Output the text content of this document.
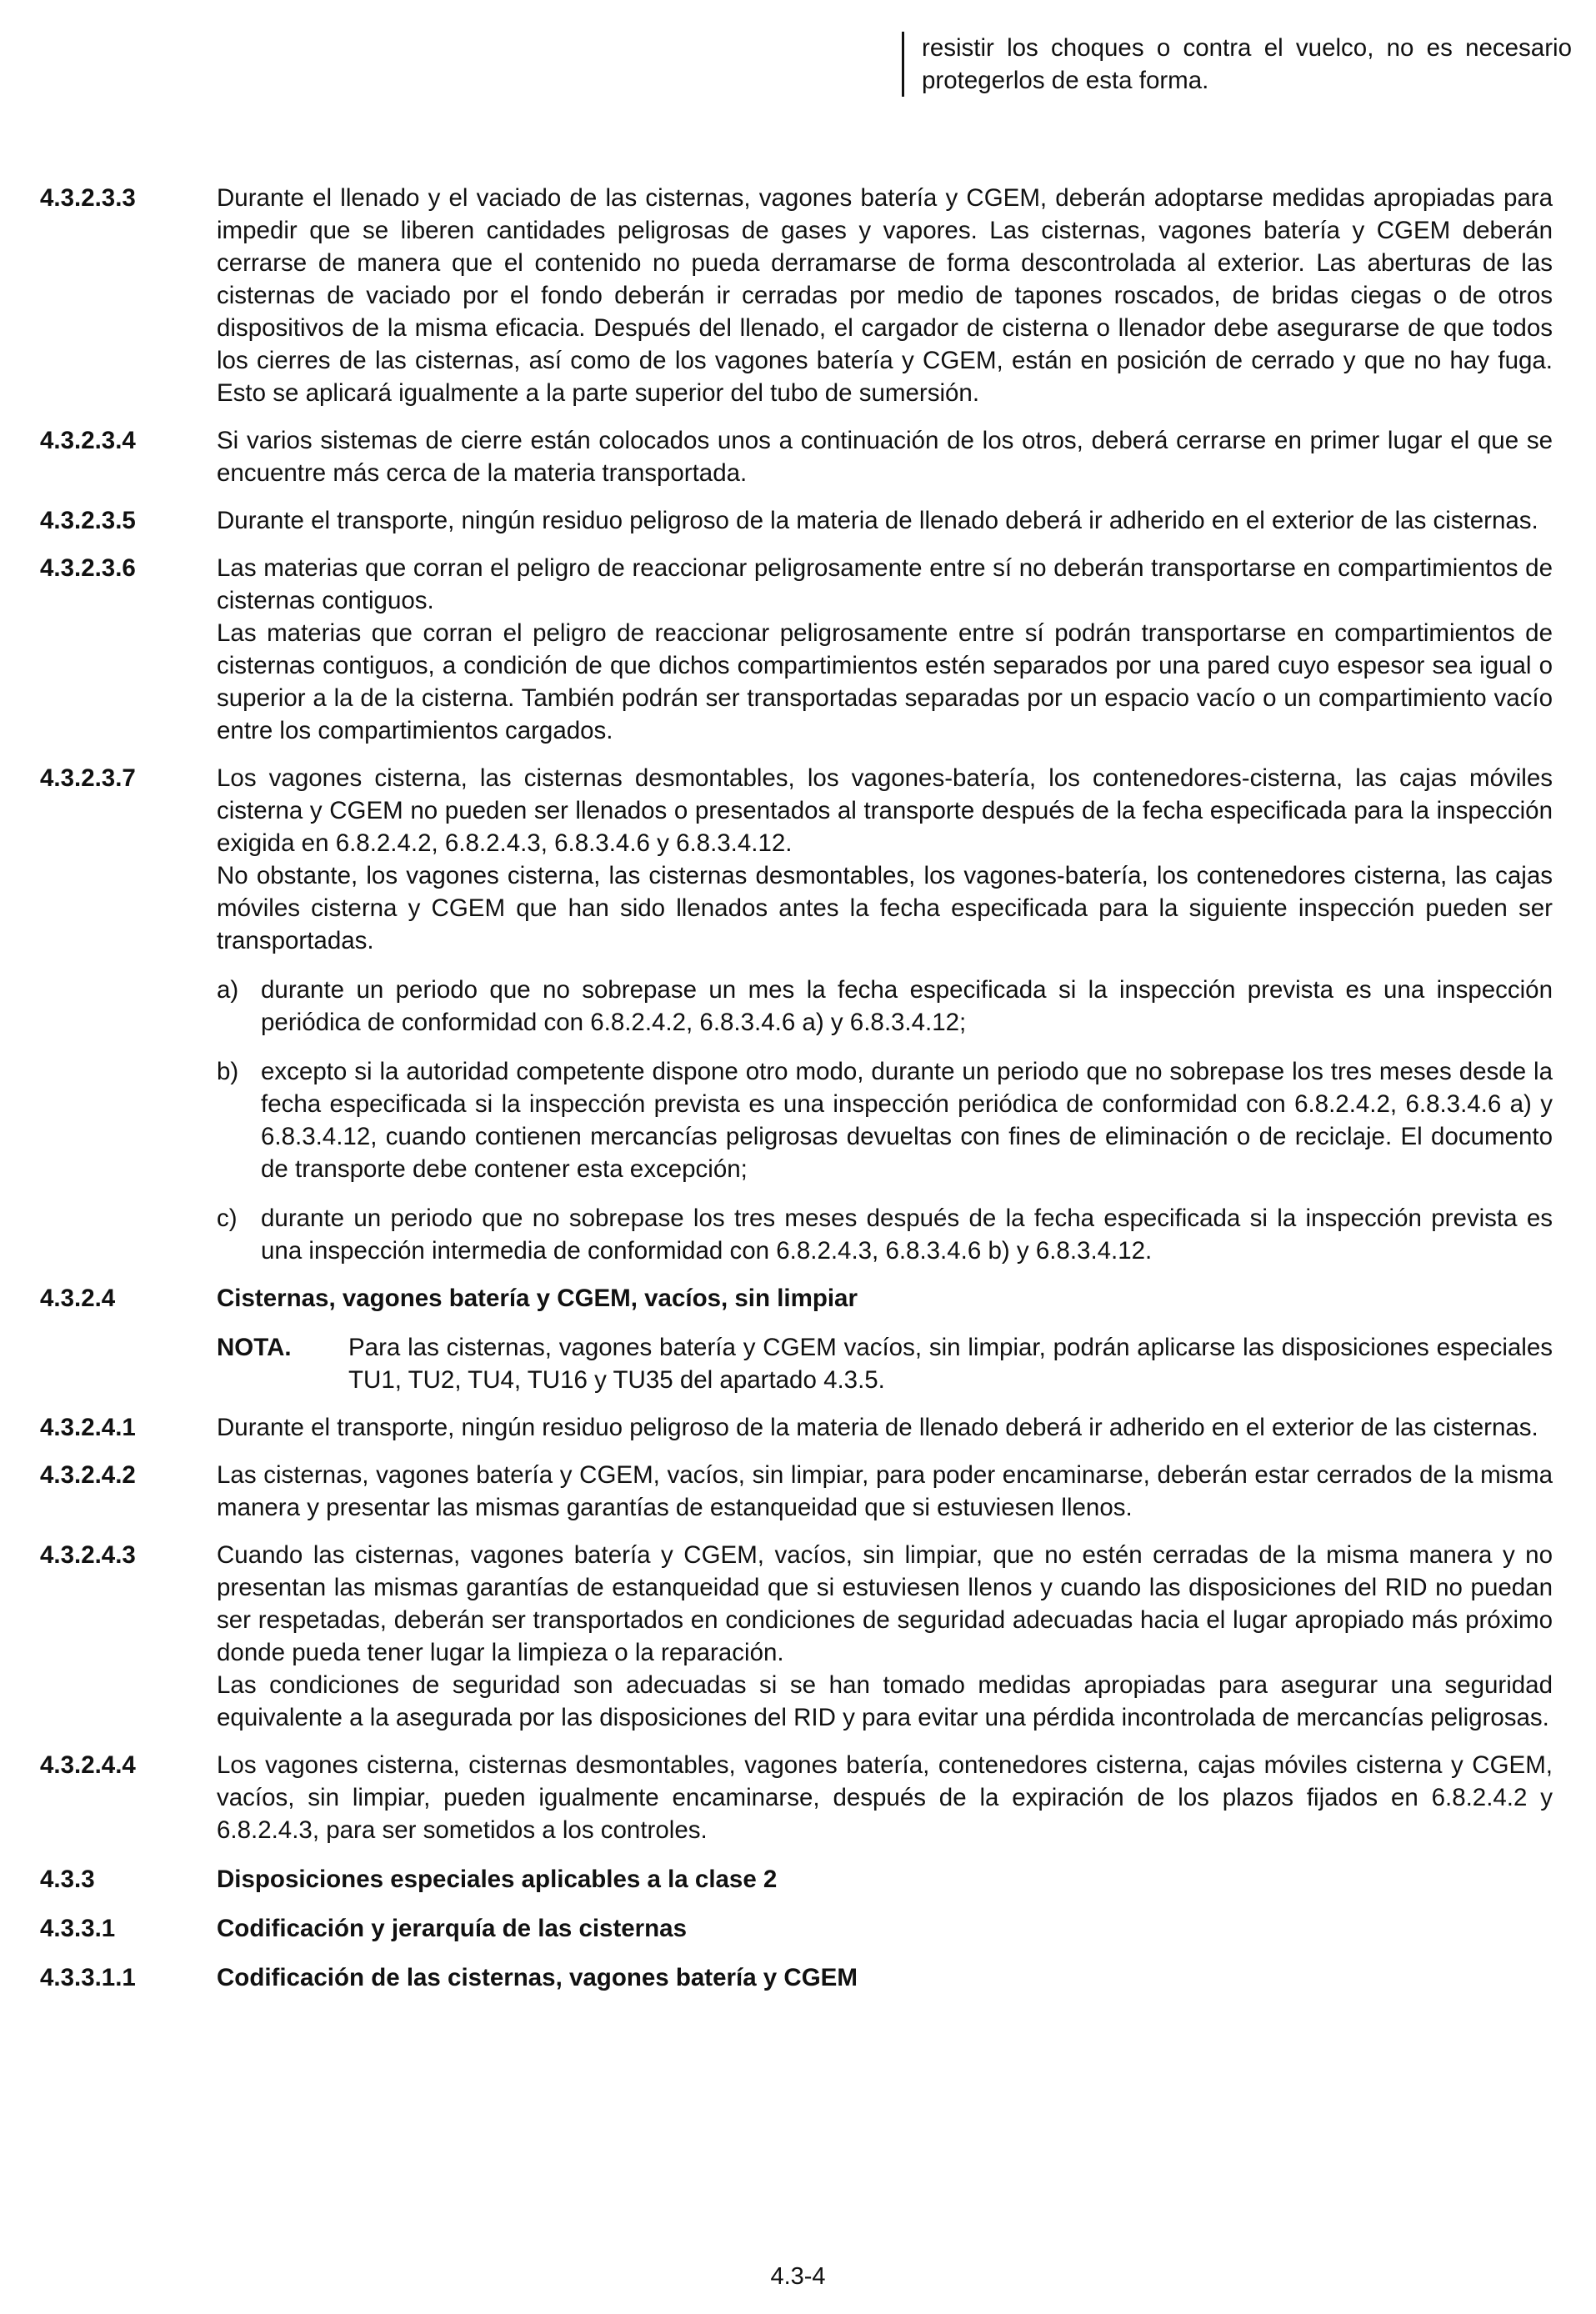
resistir los choques o contra el vuelco, no es necesario protegerlos de esta forma.
4.3.2.3.3	Durante el llenado y el vaciado de las cisternas, vagones batería y CGEM, deberán adoptarse medidas apropiadas para impedir que se liberen cantidades peligrosas de gases y vapores. Las cisternas, vagones batería y CGEM deberán cerrarse de manera que el contenido no pueda derramarse de forma descontrolada al exterior. Las aberturas de las cisternas de vaciado por el fondo deberán ir cerradas por medio de tapones roscados, de bridas ciegas o de otros dispositivos de la misma eficacia. Después del llenado, el cargador de cisterna o llenador debe asegurarse de que todos los cierres de las cisternas, así como de los vagones batería y CGEM, están en posición de cerrado y que no hay fuga. Esto se aplicará igualmente a la parte superior del tubo de sumersión.

4.3.2.3.4	Si varios sistemas de cierre están colocados unos a continuación de los otros, deberá cerrarse en primer lugar el que se encuentre más cerca de la materia transportada.

4.3.2.3.5	Durante el transporte, ningún residuo peligroso de la materia de llenado deberá ir adherido en el exterior de las cisternas.

4.3.2.3.6	Las materias que corran el peligro de reaccionar peligrosamente entre sí no deberán transportarse en compartimientos de cisternas contiguos.

Las materias que corran el peligro de reaccionar peligrosamente entre sí podrán transportarse en compartimientos de cisternas contiguos, a condición de que dichos compartimientos estén separados por una pared cuyo espesor sea igual o superior a la de la cisterna. También podrán ser transportadas separadas por un espacio vacío o un compartimiento vacío entre los compartimientos cargados.

4.3.2.3.7	Los vagones cisterna, las cisternas desmontables, los vagones-batería, los contenedores-cisterna, las cajas móviles cisterna y CGEM no pueden ser llenados o presentados al transporte después de la fecha especificada para la inspección exigida en 6.8.2.4.2, 6.8.2.4.3, 6.8.3.4.6 y 6.8.3.4.12.

No obstante, los vagones cisterna, las cisternas desmontables, los vagones-batería, los contenedores cisterna, las cajas móviles cisterna y CGEM que han sido llenados antes la fecha especificada para la siguiente inspección pueden ser transportadas.

a) durante un periodo que no sobrepase un mes la fecha especificada si la inspección prevista es una inspección periódica de conformidad con 6.8.2.4.2, 6.8.3.4.6 a) y 6.8.3.4.12;
b) excepto si la autoridad competente dispone otro modo, durante un periodo que no sobrepase los tres meses desde la fecha especificada si la inspección prevista es una inspección periódica de conformidad con 6.8.2.4.2, 6.8.3.4.6 a) y 6.8.3.4.12, cuando contienen mercancías peligrosas devueltas con fines de eliminación o de reciclaje. El documento de transporte debe contener esta excepción;
c) durante un periodo que no sobrepase los tres meses después de la fecha especificada si la inspección prevista es una inspección intermedia de conformidad con 6.8.2.4.3, 6.8.3.4.6 b) y 6.8.3.4.12.
4.3.2.4	Cisternas, vagones batería y CGEM, vacíos, sin limpiar

NOTA.	Para las cisternas, vagones batería y CGEM vacíos, sin limpiar, podrán aplicarse las disposiciones especiales TU1, TU2, TU4, TU16 y TU35 del apartado 4.3.5.
4.3.2.4.1	Durante el transporte, ningún residuo peligroso de la materia de llenado deberá ir adherido en el exterior de las cisternas.

4.3.2.4.2	Las cisternas, vagones batería y CGEM, vacíos, sin limpiar, para poder encaminarse, deberán estar cerrados de la misma manera y presentar las mismas garantías de estanqueidad que si estuviesen llenos.

4.3.2.4.3	Cuando las cisternas, vagones batería y CGEM, vacíos, sin limpiar, que no estén cerradas de la misma manera y no presentan las mismas garantías de estanqueidad que si estuviesen llenos y cuando las disposiciones del RID no puedan ser respetadas, deberán ser transportados en condiciones de seguridad adecuadas hacia el lugar apropiado más próximo donde pueda tener lugar la limpieza o la reparación.

Las condiciones de seguridad son adecuadas si se han tomado medidas apropiadas para asegurar una seguridad equivalente a la asegurada por las disposiciones del RID y para evitar una pérdida incontrolada de mercancías peligrosas.

4.3.2.4.4	Los vagones cisterna, cisternas desmontables, vagones batería, contenedores cisterna, cajas móviles cisterna y CGEM, vacíos, sin limpiar, pueden igualmente encaminarse, después de la expiración de los plazos fijados en 6.8.2.4.2 y 6.8.2.4.3, para ser sometidos a los controles.

4.3.3	Disposiciones especiales aplicables a la clase 2

4.3.3.1	Codificación y jerarquía de las cisternas

4.3.3.1.1	Codificación de las cisternas, vagones batería y CGEM

4.3-4
